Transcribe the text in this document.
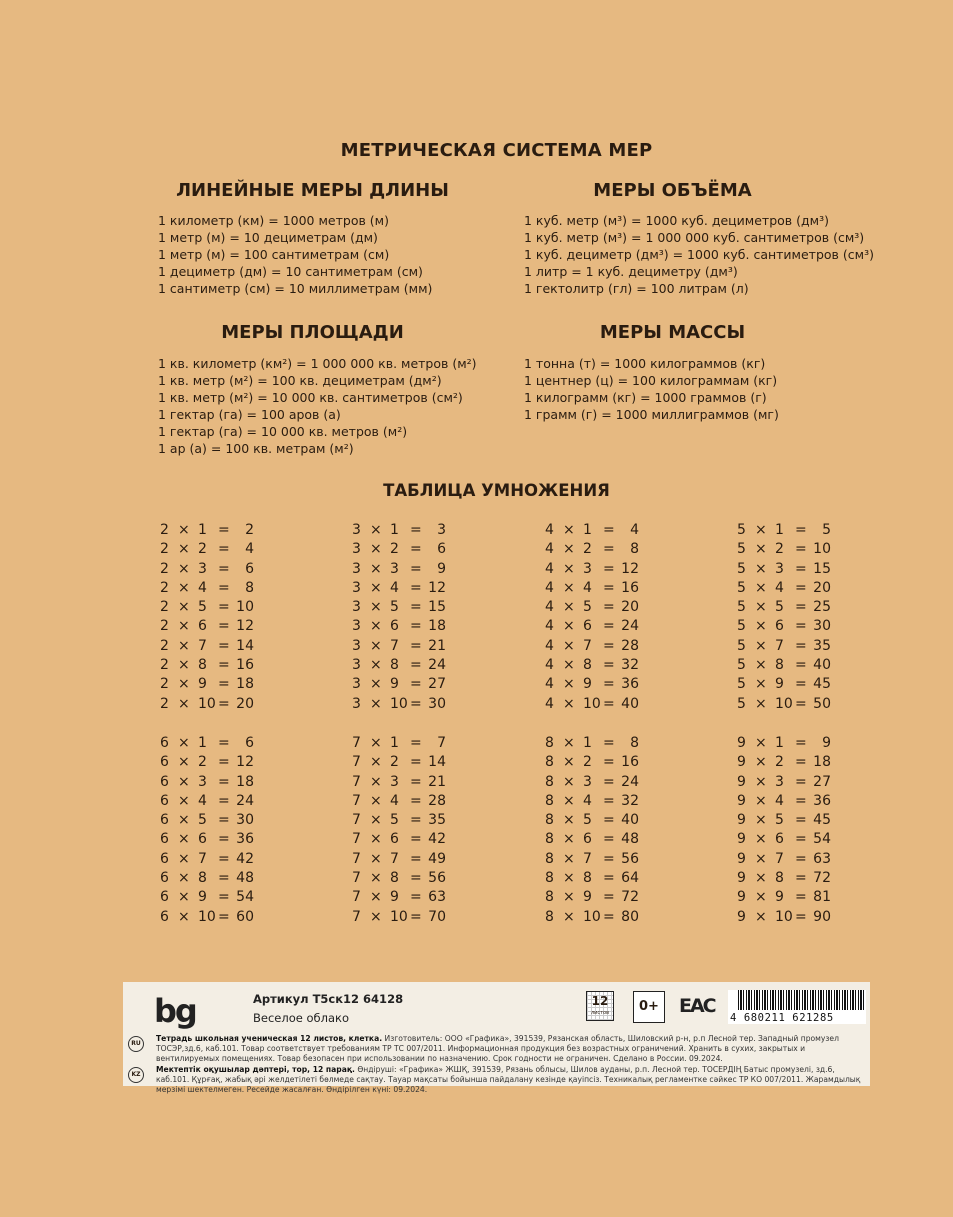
МЕТРИЧЕСКАЯ СИСТЕМА МЕР
ЛИНЕЙНЫЕ МЕРЫ ДЛИНЫ
1 километр (км) = 1000 метров (м)
1 метр (м) = 10 дециметрам (дм)
1 метр (м) = 100 сантиметрам (см)
1 дециметр (дм) = 10 сантиметрам (см)
1 сантиметр (см) = 10 миллиметрам (мм)
МЕРЫ ОБЪЁМА
1 куб. метр (м³) = 1000 куб. дециметров (дм³)
1 куб. метр (м³) = 1 000 000 куб. сантиметров (см³)
1 куб. дециметр (дм³) = 1000 куб. сантиметров (см³)
1 литр = 1 куб. дециметру (дм³)
1 гектолитр (гл) = 100 литрам (л)
МЕРЫ ПЛОЩАДИ
1 кв. километр (км²) = 1 000 000 кв. метров (м²)
1 кв. метр (м²) = 100 кв. дециметрам (дм²)
1 кв. метр (м²) = 10 000 кв. сантиметров (см²)
1 гектар (га) = 100 аров (а)
1 гектар (га) = 10 000 кв. метров (м²)
1 ар (а) = 100 кв. метрам (м²)
МЕРЫ МАССЫ
1 тонна (т) = 1000 килограммов (кг)
1 центнер (ц) = 100 килограммам (кг)
1 килограмм (кг) = 1000 граммов (г)
1 грамм (г) = 1000 миллиграммов (мг)
ТАБЛИЦА УМНОЖЕНИЯ
2 × 1 =	2
2 × 2 =	4
2 × 3 =	6
2 × 4 =	8
2 × 5 = 10
2 × 6 = 12
2 × 7 = 14
2 × 8 = 16
2 × 9 = 18
2 × 10 = 20
3 × 1 =	3
3 × 2 =	6
3 × 3 =	9
3 × 4 = 12
3 × 5 = 15
3 × 6 = 18
3 × 7 = 21
3 × 8 = 24
3 × 9 = 27
3 × 10 = 30
4 × 1 =	4
4 × 2 =	8
4 × 3 = 12
4 × 4 = 16
4 × 5 = 20
4 × 6 = 24
4 × 7 = 28
4 × 8 = 32
4 × 9 = 36
4 × 10 = 40
5 × 1 =	5
5 × 2 = 10
5 × 3 = 15
5 × 4 = 20
5 × 5 = 25
5 × 6 = 30
5 × 7 = 35
5 × 8 = 40
5 × 9 = 45
5 × 10 = 50
6 × 1 =	6
6 × 2 = 12
6 × 3 = 18
6 × 4 = 24
6 × 5 = 30
6 × 6 = 36
6 × 7 = 42
6 × 8 = 48
6 × 9 = 54
6 × 10 = 60
7 × 1 =	7
7 × 2 = 14
7 × 3 = 21
7 × 4 = 28
7 × 5 = 35
7 × 6 = 42
7 × 7 = 49
7 × 8 = 56
7 × 9 = 63
7 × 10 = 70
8 × 1 =	8
8 × 2 = 16
8 × 3 = 24
8 × 4 = 32
8 × 5 = 40
8 × 6 = 48
8 × 7 = 56
8 × 8 = 64
8 × 9 = 72
8 × 10 = 80
9 × 1 =	9
9 × 2 = 18
9 × 3 = 27
9 × 4 = 36
9 × 5 = 45
9 × 6 = 54
9 × 7 = 63
9 × 8 = 72
9 × 9 = 81
9 × 10 = 90
bg	Артикул Т5ск12 64128
Веселое облако
12
листов	0+	EAC
4 680211 621285
RU
Тетрадь школьная ученическая 12 листов, клетка. Изготовитель: ООО «Графика», 391539, Рязанская область, Шиловский р-н, р.п Лесной тер. Западный промузел ТОСЭР,зд.6, каб.101. Товар соответствует требованиям ТР ТС 007/2011. Информационная продукция без возрастных ограничений. Хранить в сухих, закрытых и вентилируемых помещениях. Товар безопасен при использовании по назначению. Срок годности не ограничен. Сделано в России. 09.2024.
KZ
Мектептік оқушылар дәптері, тор, 12 парақ. Өндіруші: «Графика» ЖШҚ, 391539, Рязань облысы, Шилов ауданы, р.п. Лесной тер. ТОСЕРДІҢ Батыс промузелі, зд.6, каб.101. Құрғақ, жабық әрі желдетілеті бөлмеде сақтау. Тауар мақсаты бойынша пайдалану кезінде қауіпсіз. Техникалық регламентке сәйкес ТР КО 007/2011. Жарамдылық мерзімі шектелмеген. Ресейде жасалған. Өндірілген күні: 09.2024.
